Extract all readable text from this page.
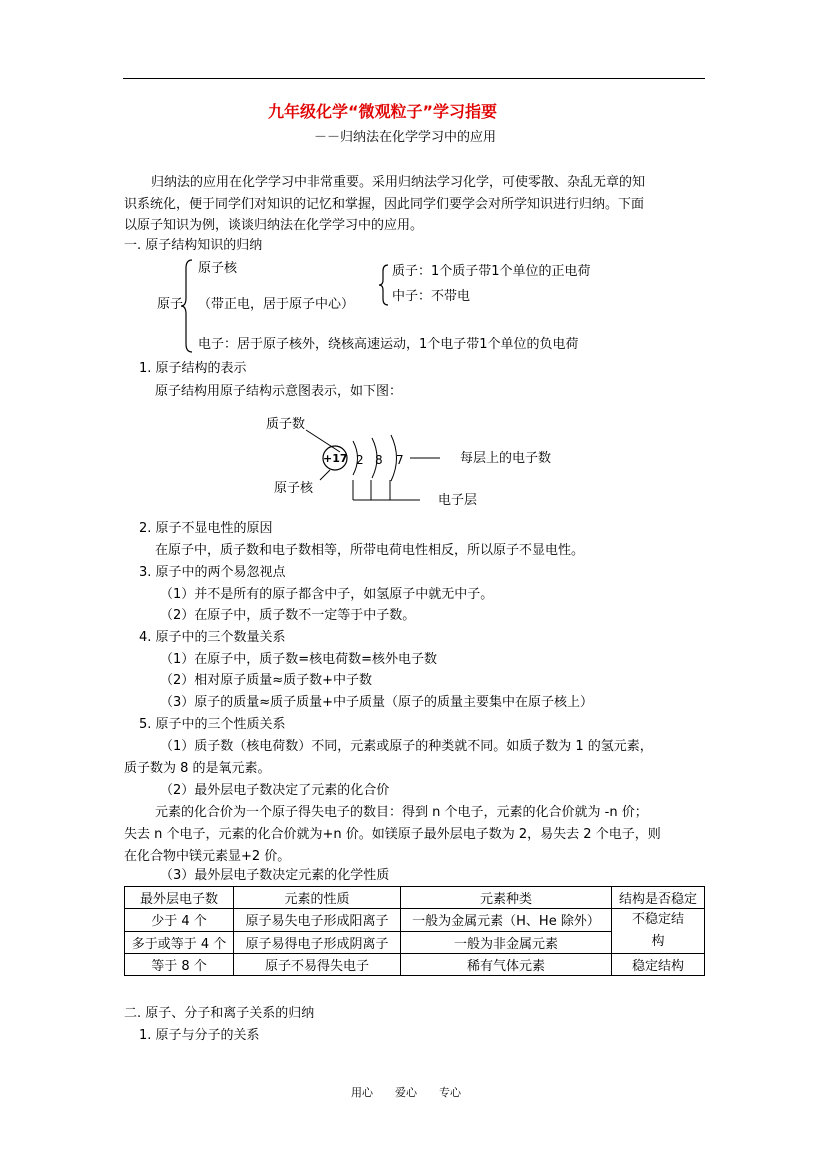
九年级化学“微观粒子”学习指要
－－归纳法在化学学习中的应用
归纳法的应用在化学学习中非常重要。采用归纳法学习化学，可使零散、杂乱无章的知
识系统化，便于同学们对知识的记忆和掌握，因此同学们要学会对所学知识进行归纳。下面
以原子知识为例，谈谈归纳法在化学学习中的应用。
一. 原子结构知识的归纳
原子
原子核
（带正电，居于原子中心）
质子：1个质子带1个单位的正电荷
中子：不带电
电子：居于原子核外，绕核高速运动，1个电子带1个单位的负电荷
1. 原子结构的表示
原子结构用原子结构示意图表示，如下图：
质子数
+17 2 8 7	每层上的电子数
原子核
电子层
2. 原子不显电性的原因
在原子中，质子数和电子数相等，所带电荷电性相反，所以原子不显电性。
3. 原子中的两个易忽视点
（1）并不是所有的原子都含中子，如氢原子中就无中子。
（2）在原子中，质子数不一定等于中子数。
4. 原子中的三个数量关系
（1）在原子中，质子数=核电荷数=核外电子数
（2）相对原子质量≈质子数+中子数
（3）原子的质量≈质子质量+中子质量（原子的质量主要集中在原子核上）
5. 原子中的三个性质关系
（1）质子数（核电荷数）不同，元素或原子的种类就不同。如质子数为 1 的氢元素，
质子数为 8 的是氧元素。
（2）最外层电子数决定了元素的化合价
元素的化合价为一个原子得失电子的数目：得到 n 个电子，元素的化合价就为 -n 价；
失去 n 个电子，元素的化合价就为+n 价。如镁原子最外层电子数为 2，易失去 2 个电子，则
在化合物中镁元素显+2 价。
（3）最外层电子数决定元素的化学性质
最外层电子数	元素的性质	元素种类	结构是否稳定
少于 4 个	原子易失电子形成阳离子	一般为金属元素（H、He 除外）	不稳定结构
多于或等于 4 个	原子易得电子形成阴离子	一般为非金属元素	
等于 8 个	原子不易得失电子	稀有气体元素	稳定结构
二. 原子、分子和离子关系的归纳
1. 原子与分子的关系
用心　　爱心　　专心
